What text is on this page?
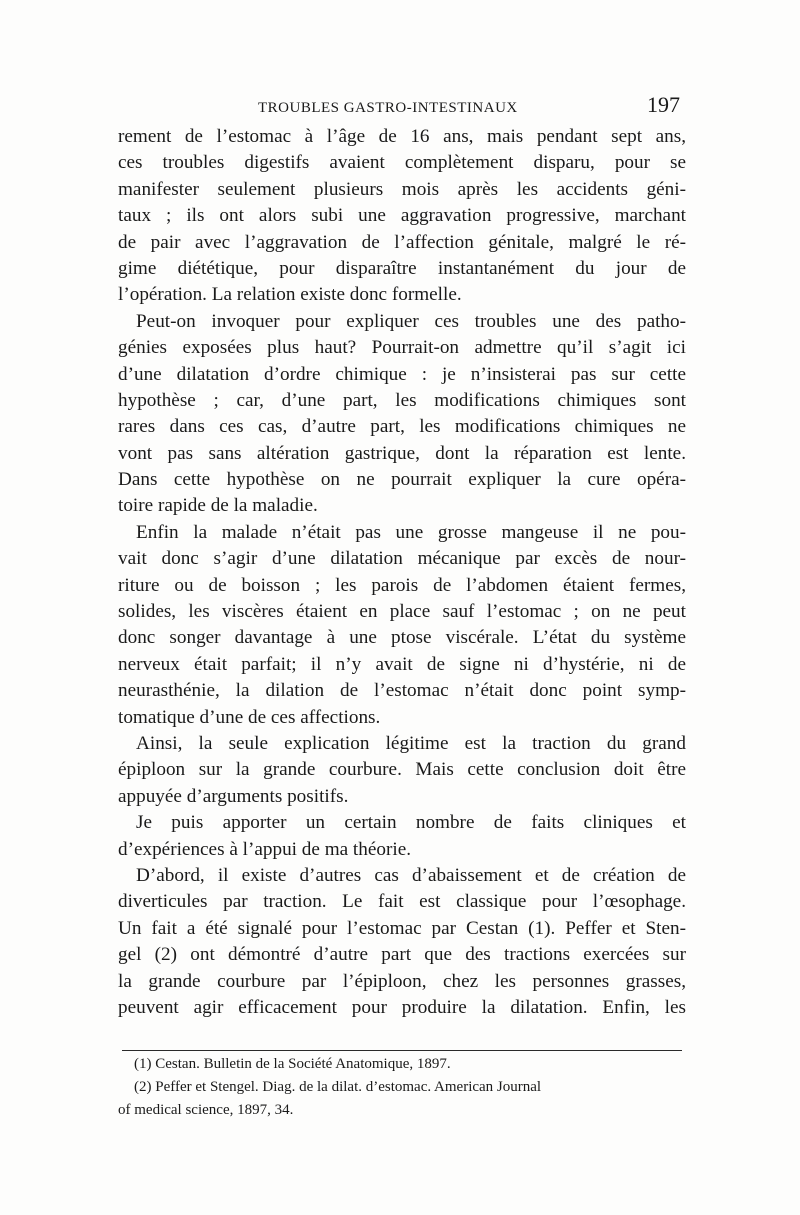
TROUBLES GASTRO-INTESTINAUX	197
rement de l’estomac à l’âge de 16 ans, mais pendant sept ans,
ces troubles digestifs avaient complètement disparu, pour se
manifester seulement plusieurs mois après les accidents géni-
taux ; ils ont alors subi une aggravation progressive, marchant
de pair avec l’aggravation de l’affection génitale, malgré le ré-
gime diététique, pour disparaître instantanément du jour de
l’opération. La relation existe donc formelle.
Peut-on invoquer pour expliquer ces troubles une des patho-
génies exposées plus haut? Pourrait-on admettre qu’il s’agit ici
d’une dilatation d’ordre chimique : je n’insisterai pas sur cette
hypothèse ; car, d’une part, les modifications chimiques sont
rares dans ces cas, d’autre part, les modifications chimiques ne
vont pas sans altération gastrique, dont la réparation est lente.
Dans cette hypothèse on ne pourrait expliquer la cure opéra-
toire rapide de la maladie.
Enfin la malade n’était pas une grosse mangeuse il ne pou-
vait donc s’agir d’une dilatation mécanique par excès de nour-
riture ou de boisson ; les parois de l’abdomen étaient fermes,
solides, les viscères étaient en place sauf l’estomac ; on ne peut
donc songer davantage à une ptose viscérale. L’état du système
nerveux était parfait; il n’y avait de signe ni d’hystérie, ni de
neurasthénie, la dilation de l’estomac n’était donc point symp-
tomatique d’une de ces affections.
Ainsi, la seule explication légitime est la traction du grand
épiploon sur la grande courbure. Mais cette conclusion doit être
appuyée d’arguments positifs.
Je puis apporter un certain nombre de faits cliniques et
d’expériences à l’appui de ma théorie.
D’abord, il existe d’autres cas d’abaissement et de création de
diverticules par traction. Le fait est classique pour l’œsophage.
Un fait a été signalé pour l’estomac par Cestan (1). Peffer et Sten-
gel (2) ont démontré d’autre part que des tractions exercées sur
la grande courbure par l’épiploon, chez les personnes grasses,
peuvent agir efficacement pour produire la dilatation. Enfin, les
(1) Cestan. Bulletin de la Société Anatomique, 1897.
(2) Peffer et Stengel. Diag. de la dilat. d’estomac. American Journal
of medical science, 1897, 34.
